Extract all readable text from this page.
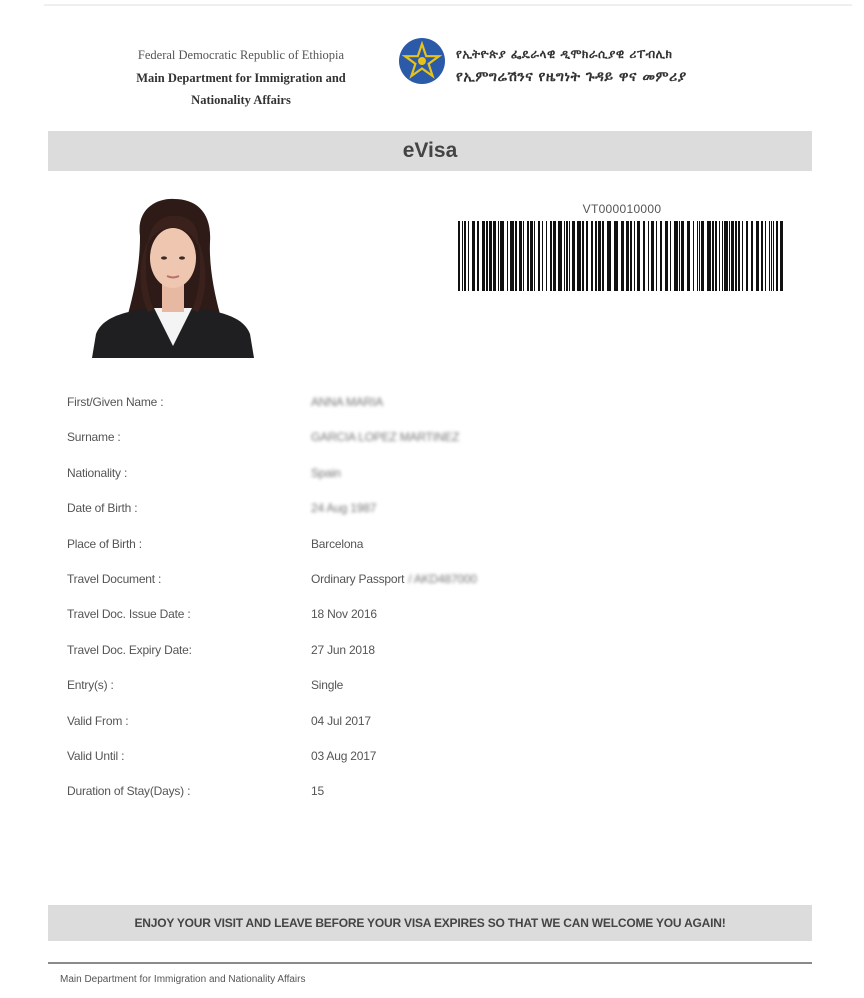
Federal Democratic Republic of Ethiopia
Main Department for Immigration and
Nationality Affairs
የኢትዮጵያ ፌዴራላዊ ዲሞክራሲያዊ ሪፐብሊክ
የኢምግሬሽንና የዜግነት ጉዳይ ዋና መምሪያ
eVisa
VT000010000
First/Given Name :	ANNA MARIA
Surname :	GARCIA LOPEZ MARTINEZ
Nationality :	Spain
Date of Birth :	24 Aug 1987
Place of Birth :	Barcelona
Travel Document :	Ordinary Passport / AKD487000
Travel Doc. Issue Date :	18 Nov 2016
Travel Doc. Expiry Date:	27 Jun 2018
Entry(s) :	Single
Valid From :	04 Jul 2017
Valid Until :	03 Aug 2017
Duration of Stay(Days) :	15
ENJOY YOUR VISIT AND LEAVE BEFORE YOUR VISA EXPIRES SO THAT WE CAN WELCOME YOU AGAIN!
Main Department for Immigration and Nationality Affairs
